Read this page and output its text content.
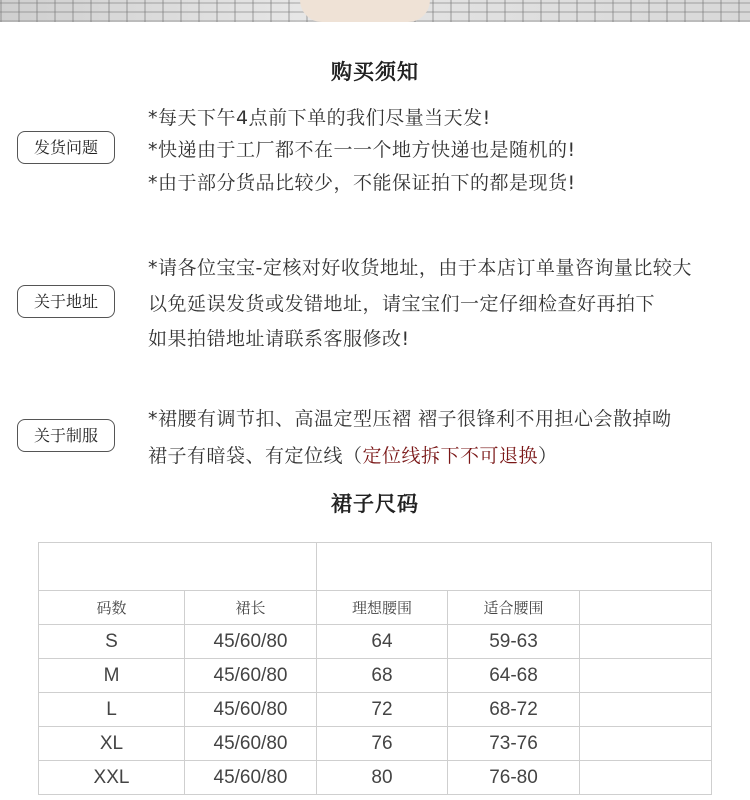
购买须知
发货问题
*每天下午4点前下单的我们尽量当天发!
*快递由于工厂都不在一一个地方快递也是随机的!
*由于部分货品比较少，不能保证拍下的都是现货!
关于地址
*请各位宝宝-定核对好收货地址，由于本店订单量咨询量比较大
以免延误发货或发错地址，请宝宝们一定仔细检查好再拍下
如果拍错地址请联系客服修改!
关于制服
*裙腰有调节扣、高温定型压褶 褶子很锋利不用担心会散掉呦
裙子有暗袋、有定位线（定位线拆下不可退换）
裙子尺码

码数	裙长	理想腰围	适合腰围	
S	45/60/80	64	59-63	
M	45/60/80	68	64-68	
L	45/60/80	72	68-72	
XL	45/60/80	76	73-76	
XXL	45/60/80	80	76-80	
